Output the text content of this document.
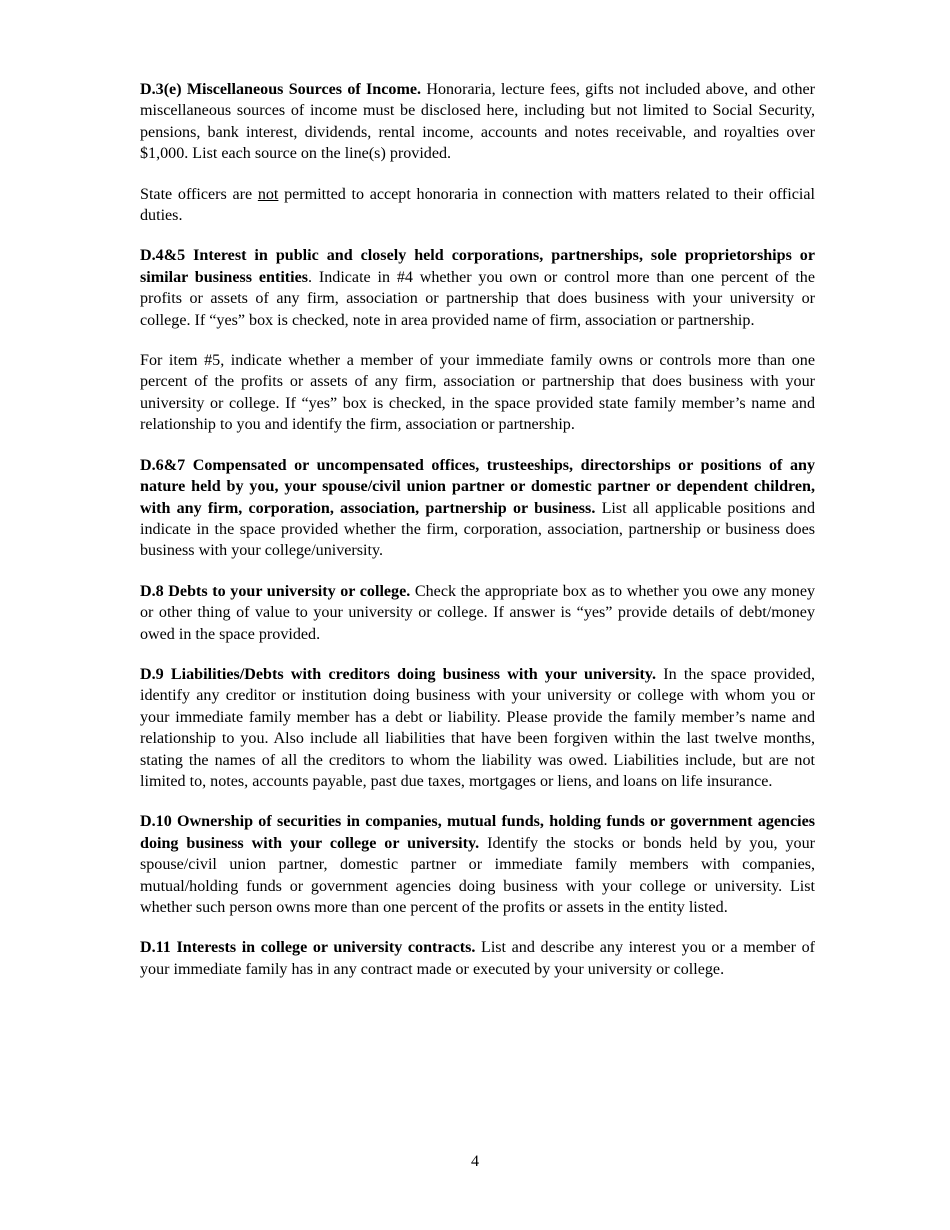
D.3(e) Miscellaneous Sources of Income. Honoraria, lecture fees, gifts not included above, and other miscellaneous sources of income must be disclosed here, including but not limited to Social Security, pensions, bank interest, dividends, rental income, accounts and notes receivable, and royalties over $1,000. List each source on the line(s) provided.

State officers are not permitted to accept honoraria in connection with matters related to their official duties.

D.4&5 Interest in public and closely held corporations, partnerships, sole proprietorships or similar business entities. Indicate in #4 whether you own or control more than one percent of the profits or assets of any firm, association or partnership that does business with your university or college. If “yes” box is checked, note in area provided name of firm, association or partnership.

For item #5, indicate whether a member of your immediate family owns or controls more than one percent of the profits or assets of any firm, association or partnership that does business with your university or college. If “yes” box is checked, in the space provided state family member’s name and relationship to you and identify the firm, association or partnership.

D.6&7 Compensated or uncompensated offices, trusteeships, directorships or positions of any nature held by you, your spouse/civil union partner or domestic partner or dependent children, with any firm, corporation, association, partnership or business. List all applicable positions and indicate in the space provided whether the firm, corporation, association, partnership or business does business with your college/university.

D.8 Debts to your university or college. Check the appropriate box as to whether you owe any money or other thing of value to your university or college. If answer is “yes” provide details of debt/money owed in the space provided.

D.9 Liabilities/Debts with creditors doing business with your university. In the space provided, identify any creditor or institution doing business with your university or college with whom you or your immediate family member has a debt or liability. Please provide the family member’s name and relationship to you. Also include all liabilities that have been forgiven within the last twelve months, stating the names of all the creditors to whom the liability was owed. Liabilities include, but are not limited to, notes, accounts payable, past due taxes, mortgages or liens, and loans on life insurance.

D.10 Ownership of securities in companies, mutual funds, holding funds or government agencies doing business with your college or university. Identify the stocks or bonds held by you, your spouse/civil union partner, domestic partner or immediate family members with companies, mutual/holding funds or government agencies doing business with your college or university. List whether such person owns more than one percent of the profits or assets in the entity listed.

D.11 Interests in college or university contracts. List and describe any interest you or a member of your immediate family has in any contract made or executed by your university or college.

4
